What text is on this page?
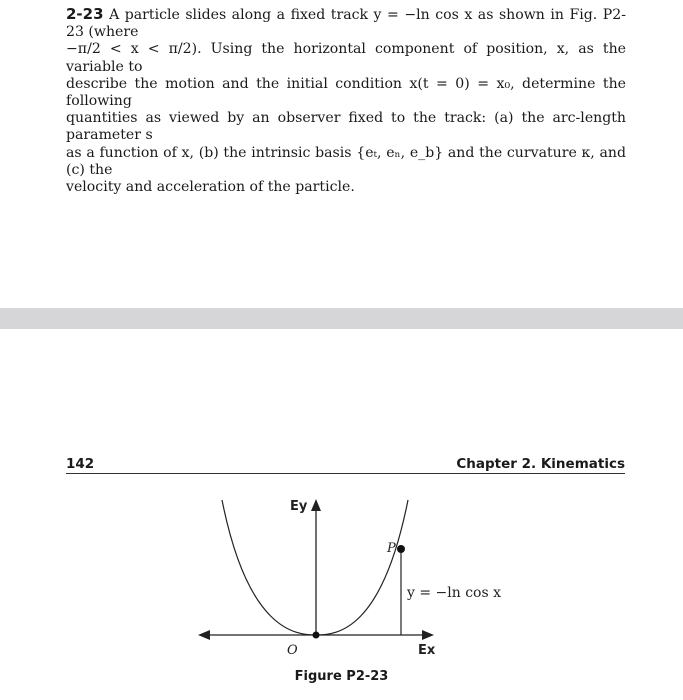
2-23 A particle slides along a fixed track y = −ln cos x as shown in Fig. P2-23 (where
−π/2 < x < π/2). Using the horizontal component of position, x, as the variable to
describe the motion and the initial condition x(t = 0) = x₀, determine the following
quantities as viewed by an observer fixed to the track: (a) the arc-length parameter s
as a function of x, (b) the intrinsic basis {eₜ, eₙ, e_b} and the curvature κ, and (c) the
velocity and acceleration of the particle.
142	Chapter 2. Kinematics
Ey
P
y = −ln cos x
O	Ex
Figure P2-23
